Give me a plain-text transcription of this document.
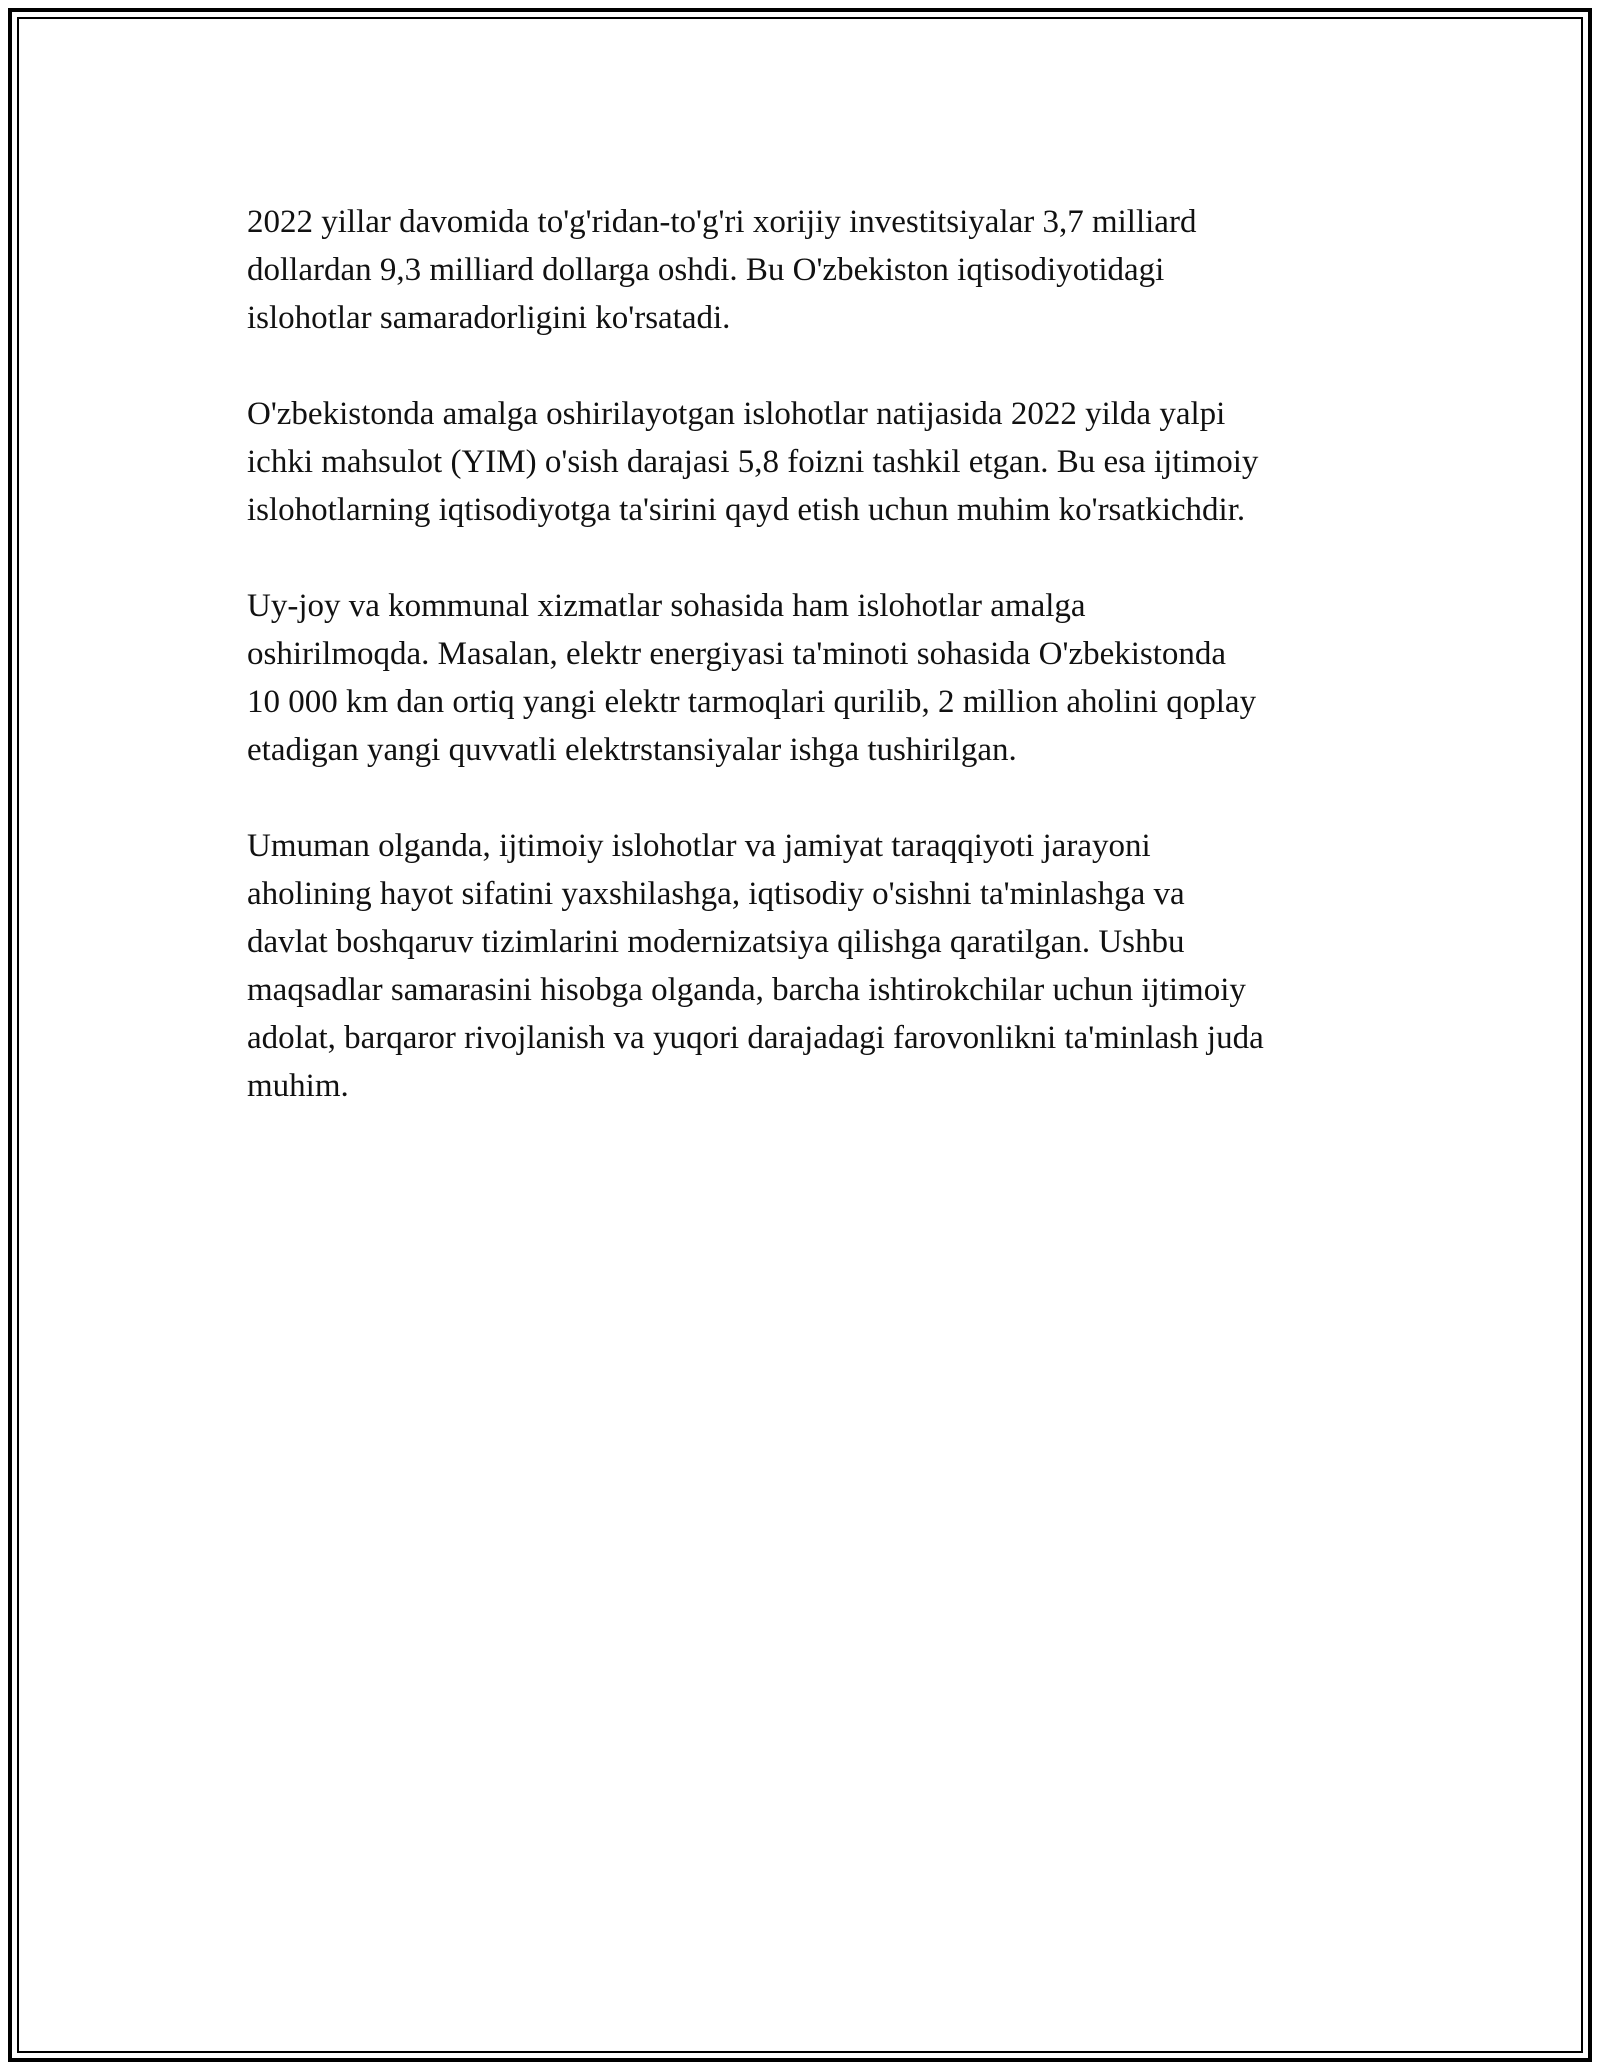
2022 yillar davomida to'g'ridan-to'g'ri xorijiy investitsiyalar 3,7 milliard
dollardan 9,3 milliard dollarga oshdi. Bu O'zbekiston iqtisodiyotidagi
islohotlar samaradorligini ko'rsatadi.

O'zbekistonda amalga oshirilayotgan islohotlar natijasida 2022 yilda yalpi
ichki mahsulot (YIM) o'sish darajasi 5,8 foizni tashkil etgan. Bu esa ijtimoiy
islohotlarning iqtisodiyotga ta'sirini qayd etish uchun muhim ko'rsatkichdir.

Uy-joy va kommunal xizmatlar sohasida ham islohotlar amalga
oshirilmoqda. Masalan, elektr energiyasi ta'minoti sohasida O'zbekistonda
10 000 km dan ortiq yangi elektr tarmoqlari qurilib, 2 million aholini qoplay
etadigan yangi quvvatli elektrstansiyalar ishga tushirilgan.

Umuman olganda, ijtimoiy islohotlar va jamiyat taraqqiyoti jarayoni
aholining hayot sifatini yaxshilashga, iqtisodiy o'sishni ta'minlashga va
davlat boshqaruv tizimlarini modernizatsiya qilishga qaratilgan. Ushbu
maqsadlar samarasini hisobga olganda, barcha ishtirokchilar uchun ijtimoiy
adolat, barqaror rivojlanish va yuqori darajadagi farovonlikni ta'minlash juda
muhim.
